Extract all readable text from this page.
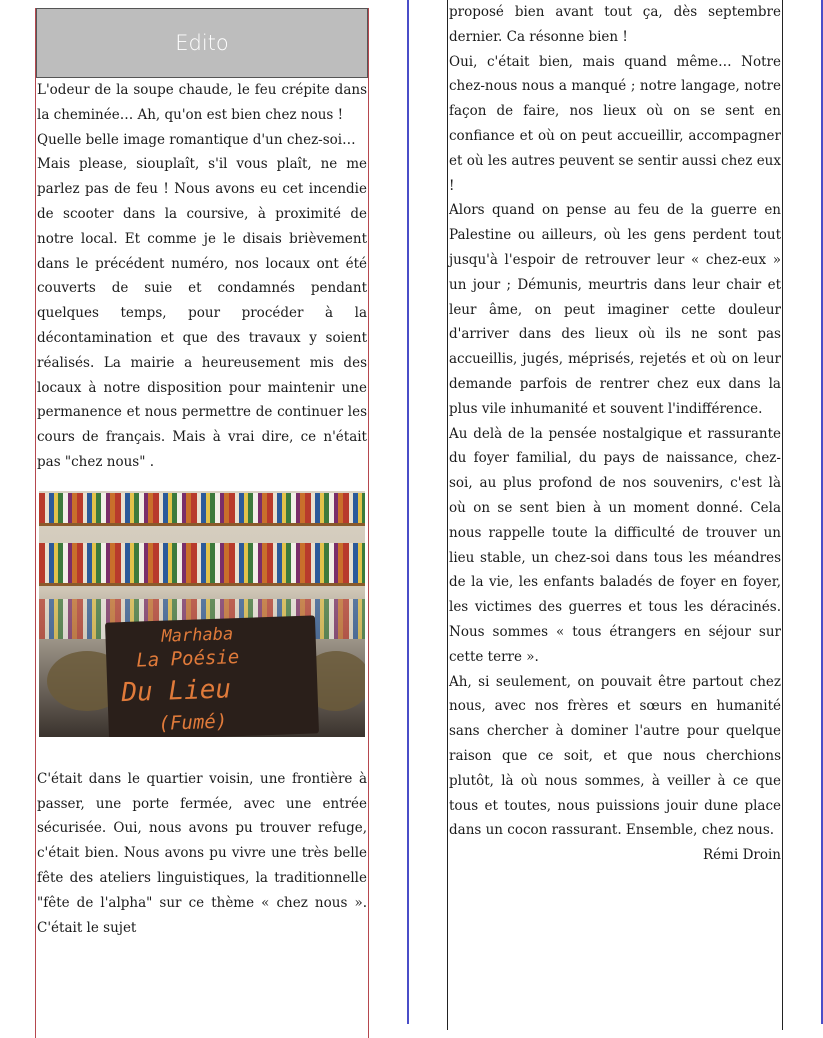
Edito

L'odeur de la soupe chaude, le feu crépite dans la cheminée… Ah, qu'on est bien chez nous !

Quelle belle image romantique d'un chez-soi…

Mais please, siouplaît, s'il vous plaît, ne me parlez pas de feu ! Nous avons eu cet incendie de scooter dans la coursive, à proximité de notre local. Et comme je le disais brièvement dans le précédent numéro, nos locaux ont été couverts de suie et condamnés pendant quelques temps, pour procéder à la décontamination et que des travaux y soient réalisés. La mairie a heureusement mis des locaux à notre disposition pour maintenir une permanence et nous permettre de continuer les cours de français. Mais à vrai dire, ce n'était pas "chez nous" .

Marhaba
La Poésie
Du Lieu
(Fumé)

C'était dans le quartier voisin, une frontière à passer, une porte fermée, avec une entrée sécurisée. Oui, nous avons pu trouver refuge, c'était bien. Nous avons pu vivre une très belle fête des ateliers linguistiques, la traditionnelle "fête de l'alpha" sur ce thème « chez nous ». C'était le sujet

proposé bien avant tout ça, dès septembre dernier. Ca résonne bien !

Oui, c'était bien, mais quand même… Notre chez-nous nous a manqué ; notre langage, notre façon de faire, nos lieux où on se sent en confiance et où on peut accueillir, accompagner et où les autres peuvent se sentir aussi chez eux !

Alors quand on pense au feu de la guerre en Palestine ou ailleurs, où les gens perdent tout jusqu'à l'espoir de retrouver leur « chez-eux » un jour ; Démunis, meurtris dans leur chair et leur âme, on peut imaginer cette douleur d'arriver dans des lieux où ils ne sont pas accueillis, jugés, méprisés, rejetés et où on leur demande parfois de rentrer chez eux dans la plus vile inhumanité et souvent l'indifférence.

Au delà de la pensée nostalgique et rassurante du foyer familial, du pays de naissance, chez-soi, au plus profond de nos souvenirs, c'est là où on se sent bien à un moment donné. Cela nous rappelle toute la difficulté de trouver un lieu stable, un chez-soi dans tous les méandres de la vie, les enfants baladés de foyer en foyer, les victimes des guerres et tous les déracinés. Nous sommes « tous étrangers en séjour sur cette terre ».

Ah, si seulement, on pouvait être partout chez nous, avec nos frères et sœurs en humanité sans chercher à dominer l'autre pour quelque raison que ce soit, et que nous cherchions plutôt, là où nous sommes, à veiller à ce que tous et toutes, nous puissions jouir dune place dans un cocon rassurant. Ensemble, chez nous.

Rémi Droin
